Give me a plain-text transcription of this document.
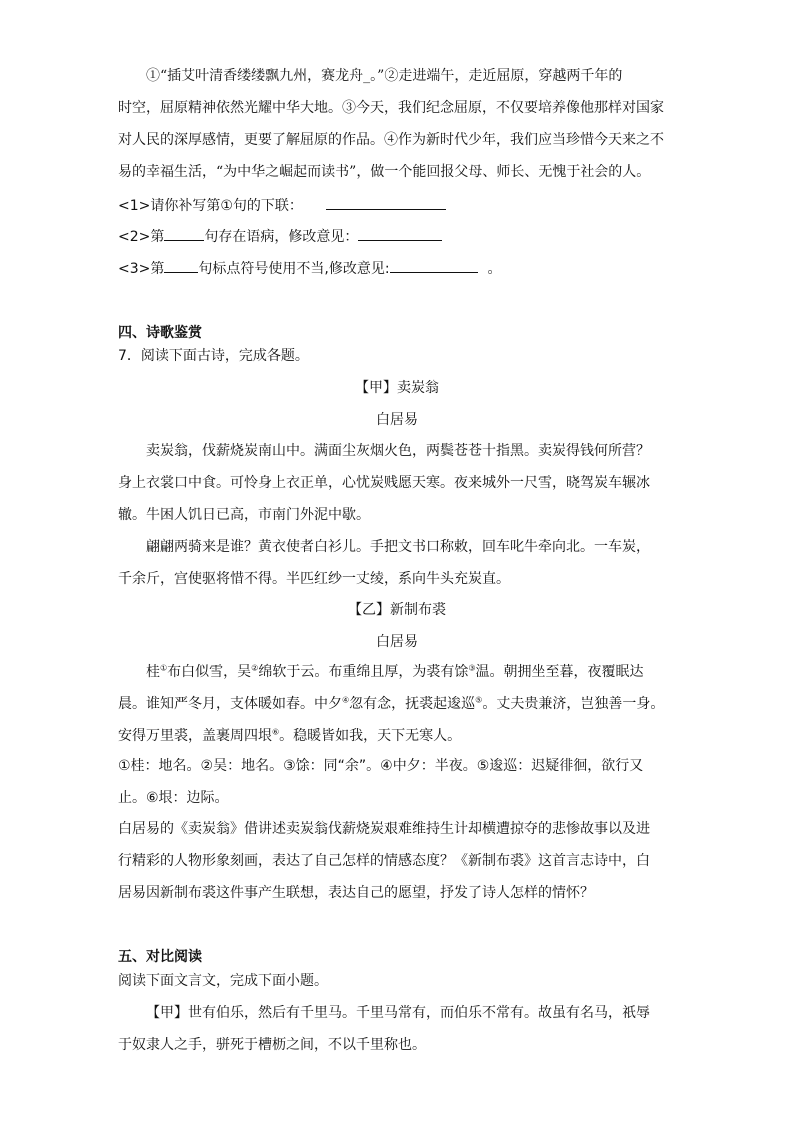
①“插艾叶清香缕缕飘九州，赛龙舟_。”②走进端午，走近屈原，穿越两千年的
时空，屈原精神依然光耀中华大地。③今天，我们纪念屈原，不仅要培养像他那样对国家
对人民的深厚感情，更要了解屈原的作品。④作为新时代少年，我们应当珍惜今天来之不
易的幸福生活，“为中华之崛起而读书”，做一个能回报父母、师长、无愧于社会的人。
<1>请你补写第①句的下联：
<2>第	句存在语病，修改意见：
<3>第 句标点符号使用不当,修改意见:	。
四、诗歌鉴赏
7．阅读下面古诗，完成各题。
【甲】卖炭翁
白居易
卖炭翁，伐薪烧炭南山中。满面尘灰烟火色，两鬓苍苍十指黑。卖炭得钱何所营？
身上衣裳口中食。可怜身上衣正单，心忧炭贱愿天寒。夜来城外一尺雪，晓驾炭车辗冰
辙。牛困人饥日已高，市南门外泥中歇。
翩翩两骑来是谁？黄衣使者白衫儿。手把文书口称敕，回车叱牛牵向北。一车炭，
千余斤，宫使驱将惜不得。半匹红纱一丈绫，系向牛头充炭直。
【乙】新制布裘
白居易
桂①布白似雪，吴②绵软于云。布重绵且厚，为裘有馀③温。朝拥坐至暮，夜覆眠达
晨。谁知严冬月，支体暖如春。中夕④忽有念，抚裘起逡巡⑤。丈夫贵兼济，岂独善一身。
安得万里裘，盖裹周四垠⑥。稳暖皆如我，天下无寒人。
①桂：地名。②吴：地名。③馀：同“余”。④中夕：半夜。⑤逡巡：迟疑徘徊，欲行又
止。⑥垠：边际。
白居易的《卖炭翁》借讲述卖炭翁伐薪烧炭艰难维持生计却横遭掠夺的悲惨故事以及进
行精彩的人物形象刻画，表达了自己怎样的情感态度？《新制布裘》这首言志诗中，白
居易因新制布裘这件事产生联想，表达自己的愿望，抒发了诗人怎样的情怀？
五、对比阅读
阅读下面文言文，完成下面小题。
【甲】世有伯乐，然后有千里马。千里马常有，而伯乐不常有。故虽有名马，祇辱
于奴隶人之手，骈死于槽枥之间，不以千里称也。
